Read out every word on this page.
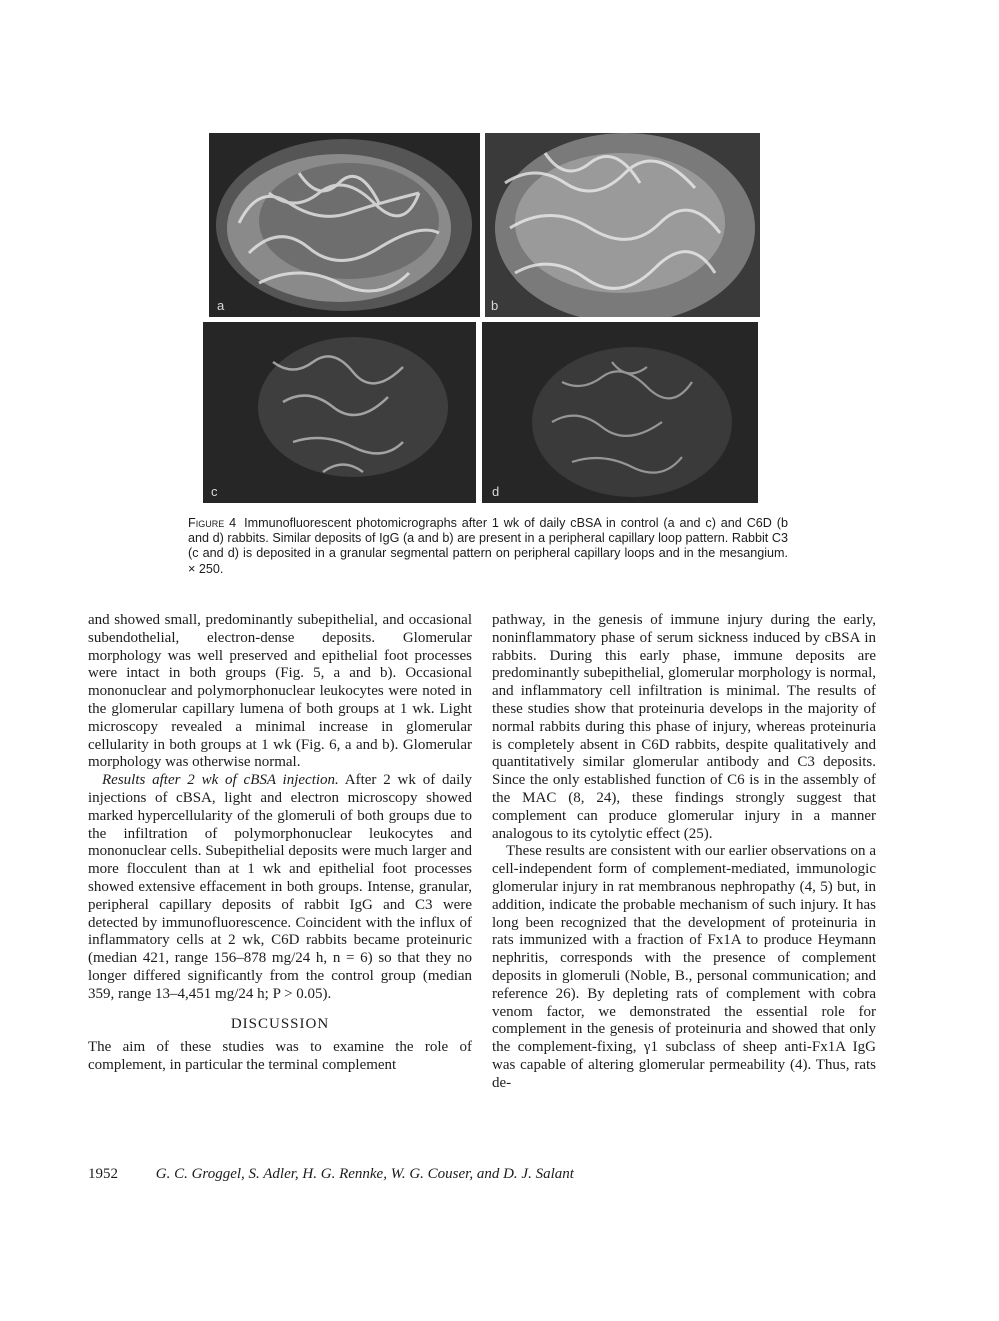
a	b
c	d

Figure 4 Immunofluorescent photomicrographs after 1 wk of daily cBSA in control (a and c) and C6D (b and d) rabbits. Similar deposits of IgG (a and b) are present in a peripheral capillary loop pattern. Rabbit C3 (c and d) is deposited in a granular segmental pattern on peripheral capillary loops and in the mesangium. × 250.

and showed small, predominantly subepithelial, and occasional subendothelial, electron-dense deposits. Glomerular morphology was well preserved and epithelial foot processes were intact in both groups (Fig. 5, a and b). Occasional mononuclear and polymorphonuclear leukocytes were noted in the glomerular capillary lumena of both groups at 1 wk. Light microscopy revealed a minimal increase in glomerular cellularity in both groups at 1 wk (Fig. 6, a and b). Glomerular morphology was otherwise normal.

Results after 2 wk of cBSA injection. After 2 wk of daily injections of cBSA, light and electron microscopy showed marked hypercellularity of the glomeruli of both groups due to the infiltration of polymorphonuclear leukocytes and mononuclear cells. Subepithelial deposits were much larger and more flocculent than at 1 wk and epithelial foot processes showed extensive effacement in both groups. Intense, granular, peripheral capillary deposits of rabbit IgG and C3 were detected by immunofluorescence. Coincident with the influx of inflammatory cells at 2 wk, C6D rabbits became proteinuric (median 421, range 156–878 mg/24 h, n = 6) so that they no longer differed significantly from the control group (median 359, range 13–4,451 mg/24 h; P > 0.05).

DISCUSSION

The aim of these studies was to examine the role of complement, in particular the terminal complement

pathway, in the genesis of immune injury during the early, noninflammatory phase of serum sickness induced by cBSA in rabbits. During this early phase, immune deposits are predominantly subepithelial, glomerular morphology is normal, and inflammatory cell infiltration is minimal. The results of these studies show that proteinuria develops in the majority of normal rabbits during this phase of injury, whereas proteinuria is completely absent in C6D rabbits, despite qualitatively and quantitatively similar glomerular antibody and C3 deposits. Since the only established function of C6 is in the assembly of the MAC (8, 24), these findings strongly suggest that complement can produce glomerular injury in a manner analogous to its cytolytic effect (25).

These results are consistent with our earlier observations on a cell-independent form of complement-mediated, immunologic glomerular injury in rat membranous nephropathy (4, 5) but, in addition, indicate the probable mechanism of such injury. It has long been recognized that the development of proteinuria in rats immunized with a fraction of Fx1A to produce Heymann nephritis, corresponds with the presence of complement deposits in glomeruli (Noble, B., personal communication; and reference 26). By depleting rats of complement with cobra venom factor, we demonstrated the essential role for complement in the genesis of proteinuria and showed that only the complement-fixing, γ1 subclass of sheep anti-Fx1A IgG was capable of altering glomerular permeability (4). Thus, rats de-

1952	G. C. Groggel, S. Adler, H. G. Rennke, W. G. Couser, and D. J. Salant
